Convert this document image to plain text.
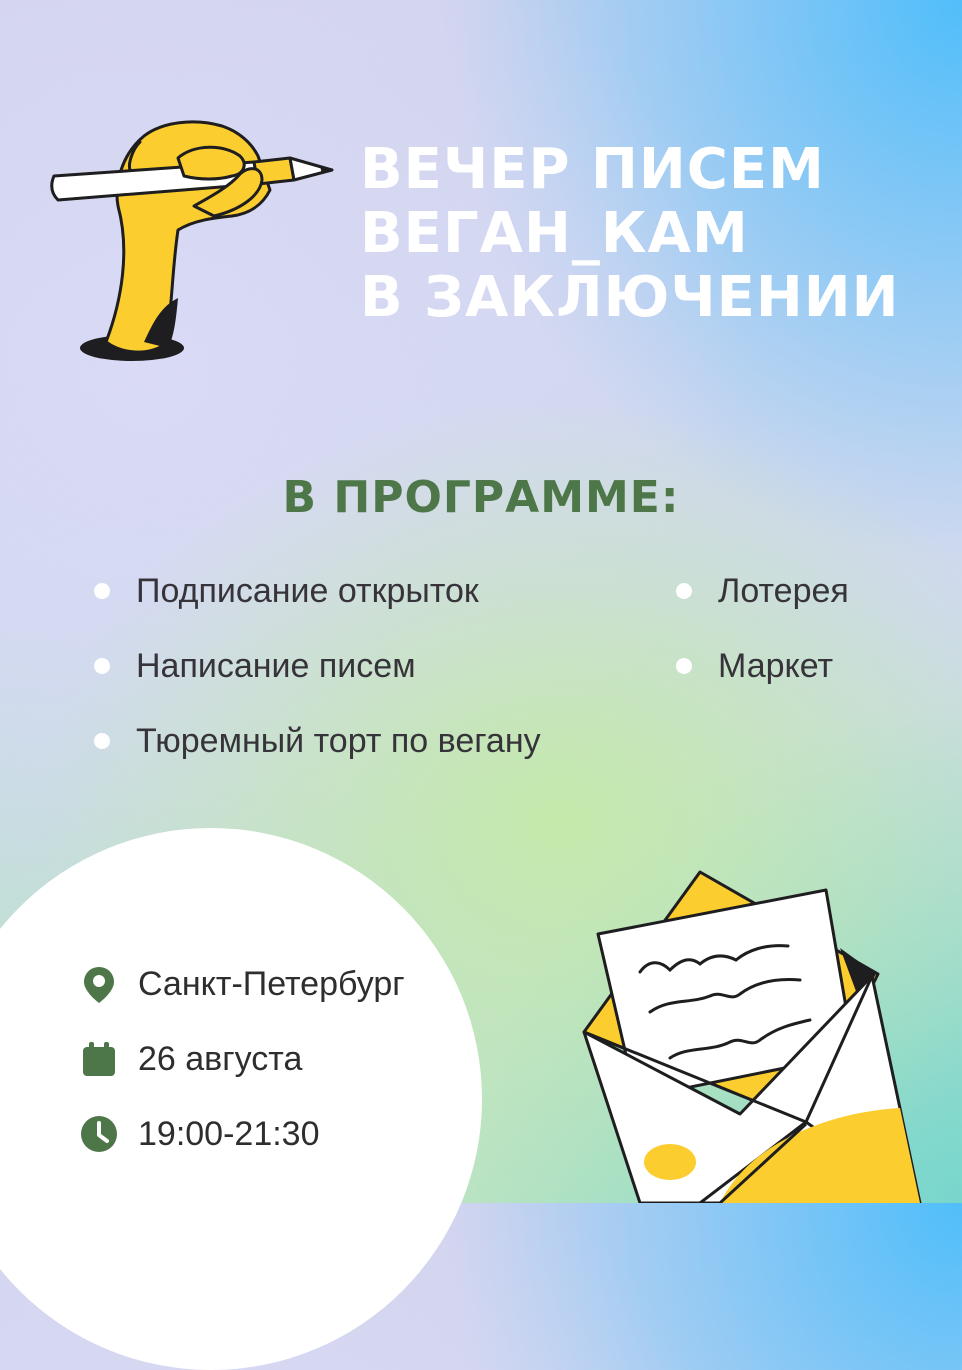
ВЕЧЕР ПИСЕМ
ВЕГАН_КАМ
В ЗАКЛЮЧЕНИИ
В ПРОГРАММЕ:
Подписание открыток
Написание писем
Тюремный торт по вегану
Лотерея
Маркет
Санкт-Петербург
26 августа
19:00-21:30
